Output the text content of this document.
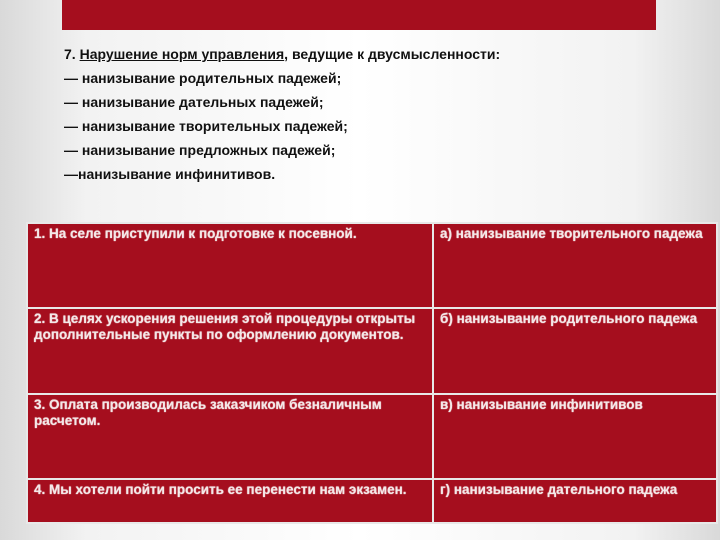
7. Нарушение норм управления, ведущие к двусмысленности:
— нанизывание родительных падежей;
— нанизывание дательных падежей;
— нанизывание творительных падежей;
— нанизывание предложных падежей;
—нанизывание инфинитивов.
1. На селе приступили к подготовке к посевной.	а) нанизывание творительного падежа
2. В целях ускорения решения этой процедуры открыты дополнительные пункты по оформлению документов.	б) нанизывание родительного падежа
3. Оплата производилась заказчиком безналичным расчетом.	в) нанизывание инфинитивов
4. Мы хотели пойти просить ее перенести нам экзамен.	г) нанизывание дательного падежа
